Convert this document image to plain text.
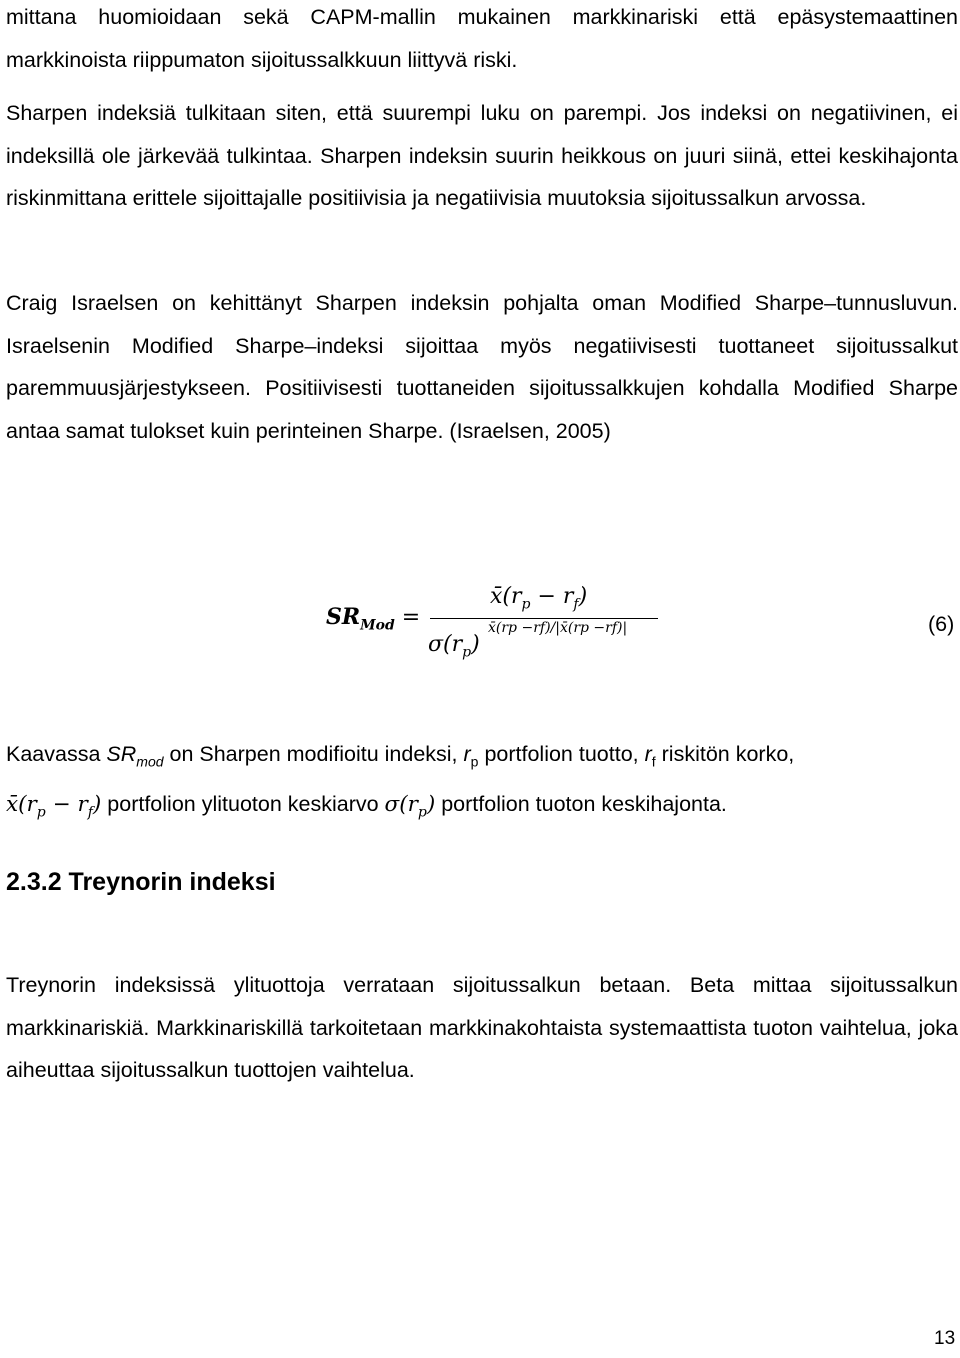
mittana huomioidaan sekä CAPM-mallin mukainen markkinariski että epäsystemaattinen markkinoista riippumaton sijoitussalkkuun liittyvä riski.
Sharpen indeksiä tulkitaan siten, että suurempi luku on parempi. Jos indeksi on negatiivinen, ei indeksillä ole järkevää tulkintaa. Sharpen indeksin suurin heikkous on juuri siinä, ettei keskihajonta riskinmittana erittele sijoittajalle positiivisia ja negatiivisia muutoksia sijoitussalkun arvossa.
Craig Israelsen on kehittänyt Sharpen indeksin pohjalta oman Modified Sharpe–tunnusluvun. Israelsenin Modified Sharpe–indeksi sijoittaa myös negatiivisesti tuottaneet sijoitussalkut paremmuusjärjestykseen. Positiivisesti tuottaneiden sijoitussalkkujen kohdalla Modified Sharpe antaa samat tulokset kuin perinteinen Sharpe. (Israelsen, 2005)
$SR_{Mod}$ =
$x̄(r_p - r_f)$
$\sigma(r_p)$
x̄(rp −rf)/|x̄(rp −rf)|	(6)
Kaavassa $SR_{mod}$ on Sharpen modifioitu indeksi, $r_p$ portfolion tuotto, $r_f$ riskitön korko,
$x̄(r_p - r_f)$ portfolion ylituoton keskiarvo $\sigma(r_p)$ portfolion tuoton keskihajonta.
2.3.2 Treynorin indeksi
Treynorin indeksissä ylituottoja verrataan sijoitussalkun betaan. Beta mittaa sijoitussalkun markkinariskiä. Markkinariskillä tarkoitetaan markkinakohtaista systemaattista tuoton vaihtelua, joka aiheuttaa sijoitussalkun tuottojen vaihtelua.
13
